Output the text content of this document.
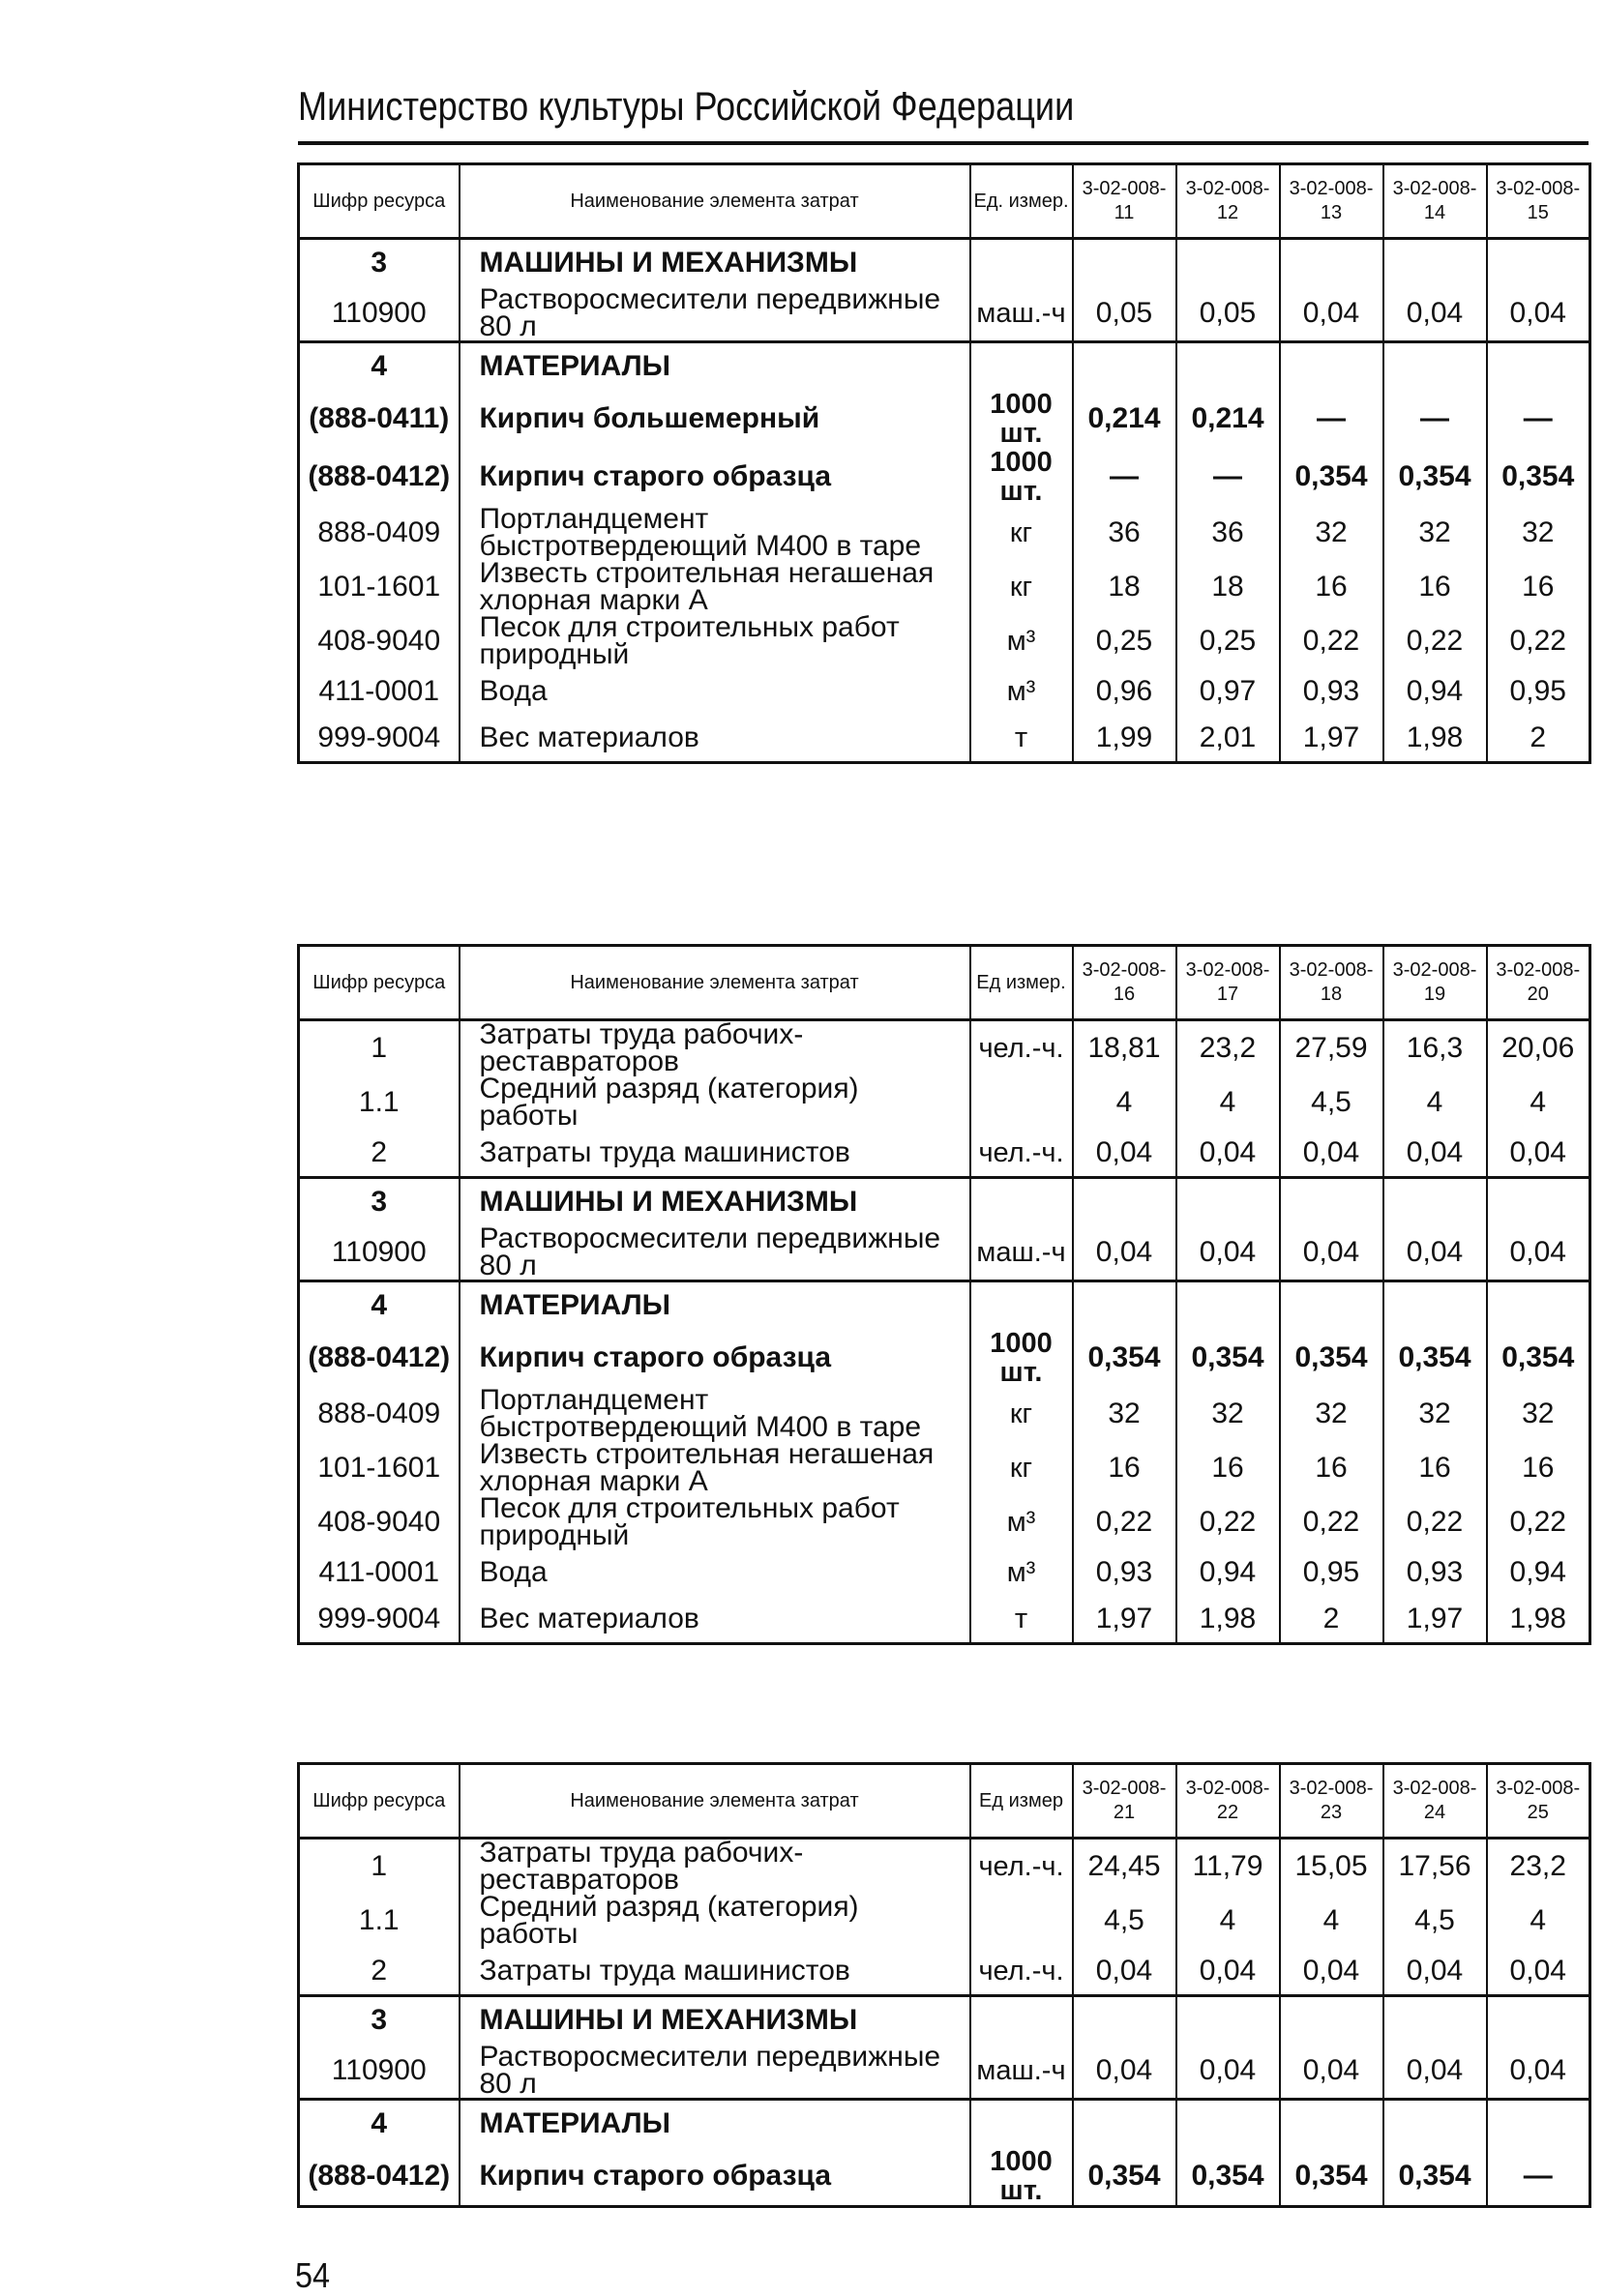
Министерство культуры Российской Федерации
Шифр ресурса	Наименование элемента затрат	Ед. измер.	3-02-008-11	3-02-008-12	3-02-008-13	3-02-008-14	3-02-008-15
3	МАШИНЫ И МЕХАНИЗМЫ						
110900	Растворосмесители передвижные 80 л	маш.-ч	0,05	0,05	0,04	0,04	0,04
4	МАТЕРИАЛЫ						
(888-0411)	Кирпич большемерный	1000 шт.	0,214	0,214	—	—	—
(888-0412)	Кирпич старого образца	1000 шт.	—	—	0,354	0,354	0,354
888-0409	Портландцемент быстротвердеющий М400 в таре	кг	36	36	32	32	32
101-1601	Известь строительная негашеная хлорная марки А	кг	18	18	16	16	16
408-9040	Песок для строительных работ природный	м³	0,25	0,25	0,22	0,22	0,22
411-0001	Вода	м³	0,96	0,97	0,93	0,94	0,95
999-9004	Вес материалов	т	1,99	2,01	1,97	1,98	2
Шифр ресурса	Наименование элемента затрат	Ед измер.	3-02-008-16	3-02-008-17	3-02-008-18	3-02-008-19	3-02-008-20
1	Затраты труда рабочих-реставраторов	чел.-ч.	18,81	23,2	27,59	16,3	20,06
1.1	Средний разряд (категория) работы		4	4	4,5	4	4
2	Затраты труда машинистов	чел.-ч.	0,04	0,04	0,04	0,04	0,04
3	МАШИНЫ И МЕХАНИЗМЫ						
110900	Растворосмесители передвижные 80 л	маш.-ч	0,04	0,04	0,04	0,04	0,04
4	МАТЕРИАЛЫ						
(888-0412)	Кирпич старого образца	1000 шт.	0,354	0,354	0,354	0,354	0,354
888-0409	Портландцемент быстротвердеющий М400 в таре	кг	32	32	32	32	32
101-1601	Известь строительная негашеная хлорная марки А	кг	16	16	16	16	16
408-9040	Песок для строительных работ природный	м³	0,22	0,22	0,22	0,22	0,22
411-0001	Вода	м³	0,93	0,94	0,95	0,93	0,94
999-9004	Вес материалов	т	1,97	1,98	2	1,97	1,98
Шифр ресурса	Наименование элемента затрат	Ед измер	3-02-008-21	3-02-008-22	3-02-008-23	3-02-008-24	3-02-008-25
1	Затраты труда рабочих-реставраторов	чел.-ч.	24,45	11,79	15,05	17,56	23,2
1.1	Средний разряд (категория) работы		4,5	4	4	4,5	4
2	Затраты труда машинистов	чел.-ч.	0,04	0,04	0,04	0,04	0,04
3	МАШИНЫ И МЕХАНИЗМЫ						
110900	Растворосмесители передвижные 80 л	маш.-ч	0,04	0,04	0,04	0,04	0,04
4	МАТЕРИАЛЫ						
(888-0412)	Кирпич старого образца	1000 шт.	0,354	0,354	0,354	0,354	—
54
